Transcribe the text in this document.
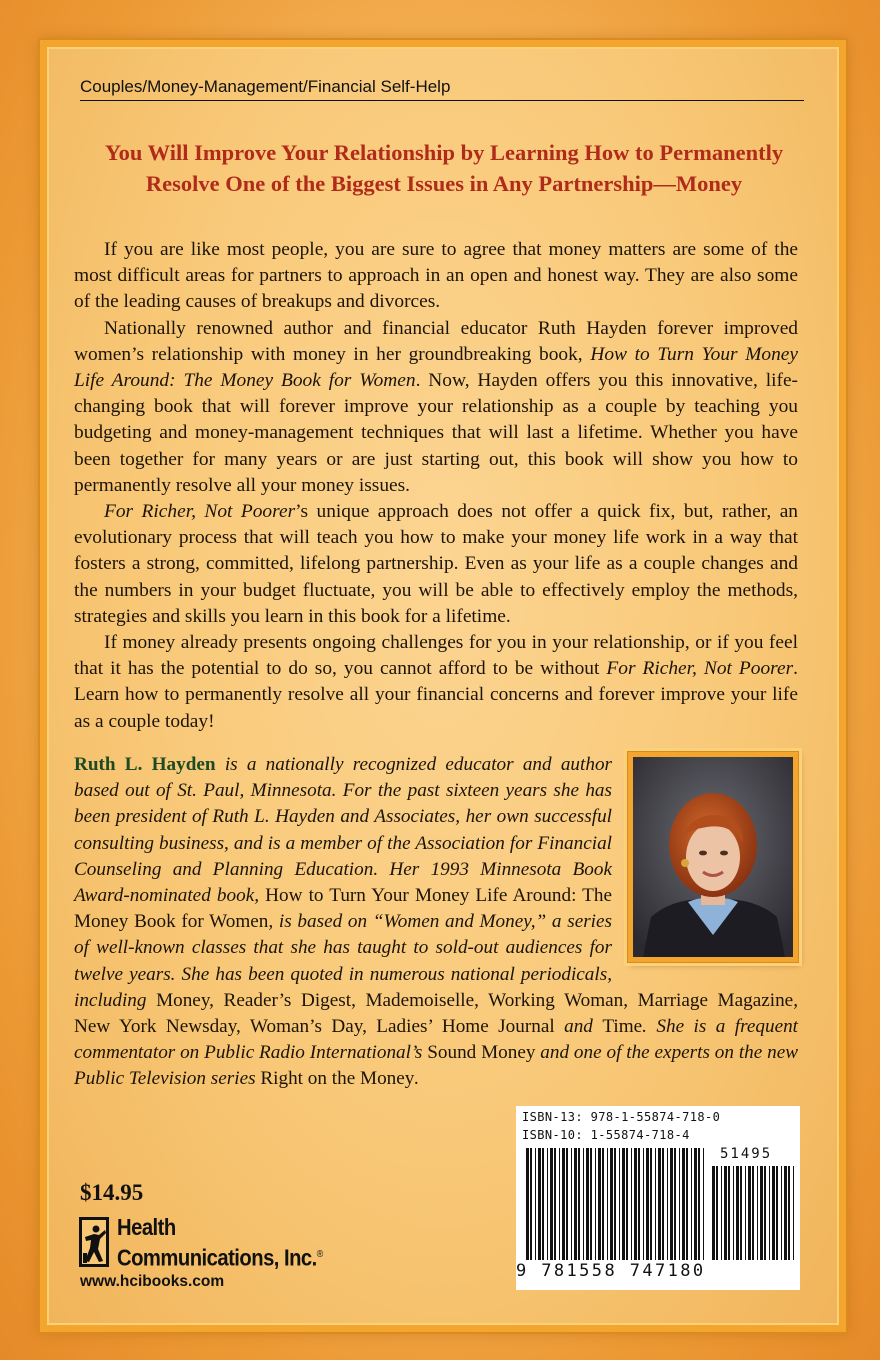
Couples/Money-Management/Financial Self-Help
You Will Improve Your Relationship by Learning How to Permanently Resolve One of the Biggest Issues in Any Partnership—Money

If you are like most people, you are sure to agree that money matters are some of the most difficult areas for partners to approach in an open and honest way. They are also some of the leading causes of breakups and divorces.

Nationally renowned author and financial educator Ruth Hayden forever improved women’s relationship with money in her groundbreaking book, How to Turn Your Money Life Around: The Money Book for Women. Now, Hayden offers you this innovative, life-changing book that will forever improve your relationship as a couple by teaching you budgeting and money-management techniques that will last a lifetime. Whether you have been together for many years or are just starting out, this book will show you how to permanently resolve all your money issues.

For Richer, Not Poorer’s unique approach does not offer a quick fix, but, rather, an evolutionary process that will teach you how to make your money life work in a way that fosters a strong, committed, lifelong partnership. Even as your life as a couple changes and the numbers in your budget fluctuate, you will be able to effectively employ the methods, strategies and skills you learn in this book for a lifetime.

If money already presents ongoing challenges for you in your relationship, or if you feel that it has the potential to do so, you cannot afford to be without For Richer, Not Poorer. Learn how to permanently resolve all your financial concerns and forever improve your life as a couple today!

Ruth L. Hayden is a nationally recognized educator and author based out of St. Paul, Minnesota. For the past sixteen years she has been president of Ruth L. Hayden and Associates, her own successful consulting business, and is a member of the Association for Financial Counseling and Planning Education. Her 1993 Minnesota Book Award-nominated book, How to Turn Your Money Life Around: The Money Book for Women, is based on “Women and Money,” a series of well-known classes that she has taught to sold-out audiences for twelve years. She has been quoted in numerous national periodicals, including Money, Reader’s Digest, Mademoiselle, Working Woman, Marriage Magazine, New York Newsday, Woman’s Day, Ladies’ Home Journal and Time. She is a frequent commentator on Public Radio International’s Sound Money and one of the experts on the new Public Television series Right on the Money.
$14.95
Health
Communications, Inc.®
www.hcibooks.com
ISBN-13: 978-1-55874-718-0
ISBN-10: 1-55874-718-4
51495
9 781558 747180
